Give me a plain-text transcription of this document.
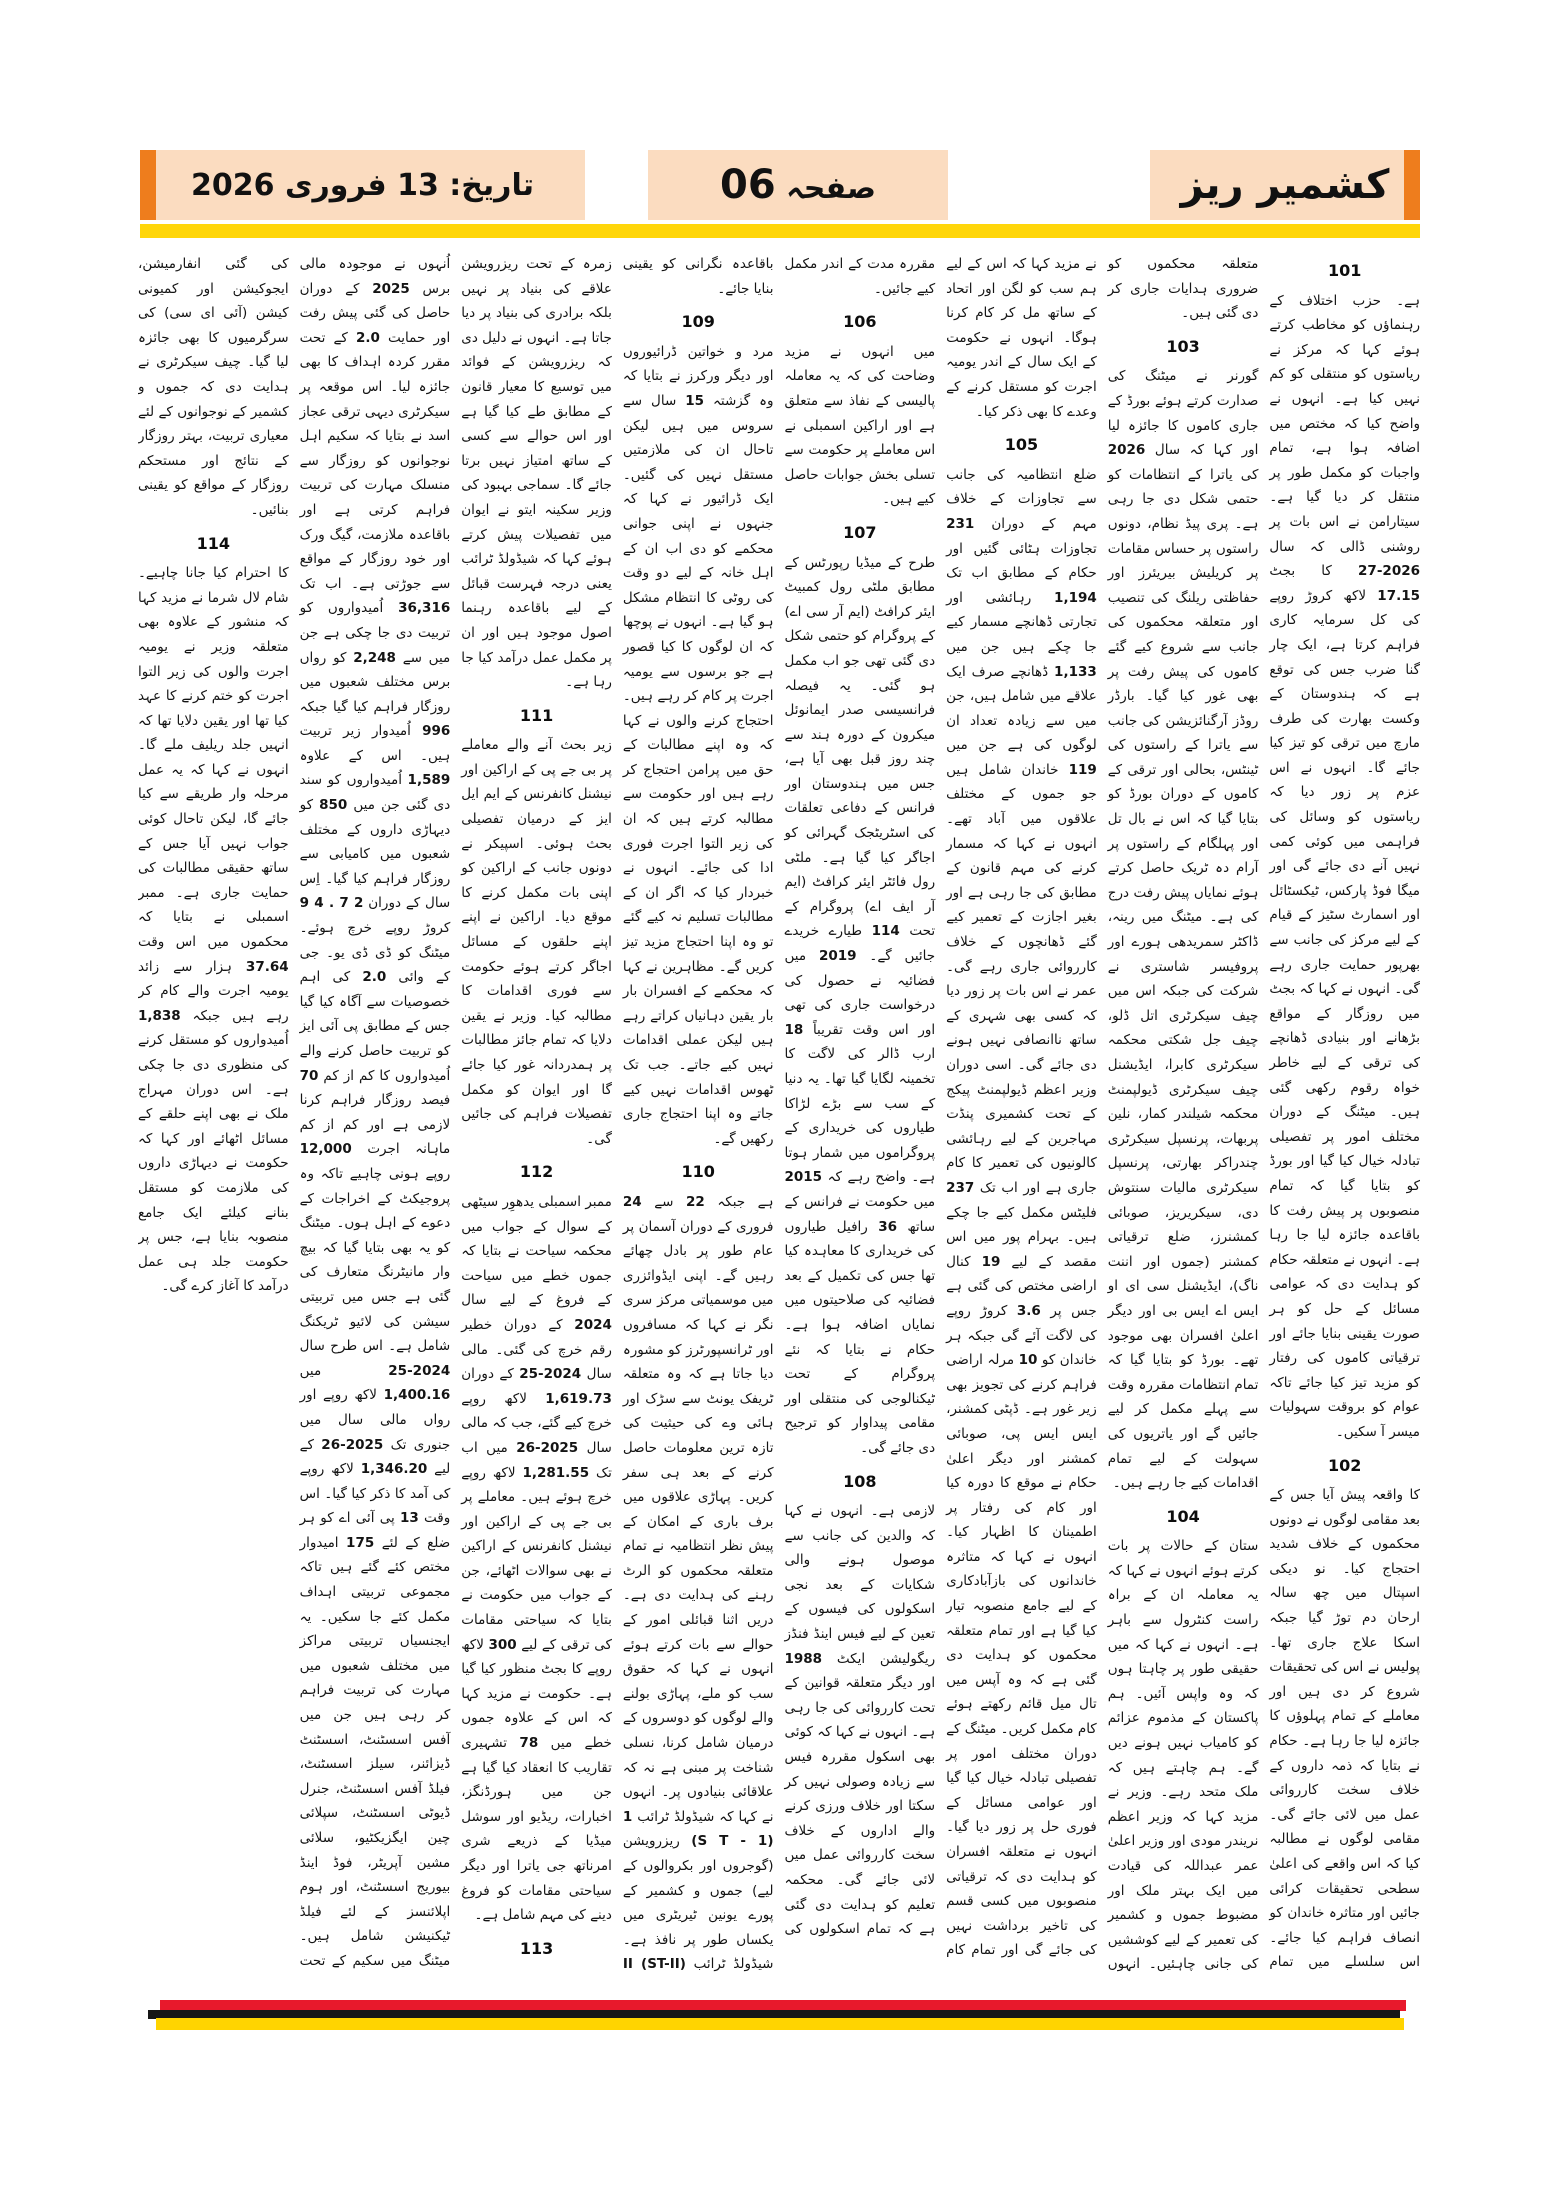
کشمیر ریز
صفحہ 06
تاریخ: 13 فروری 2026
101

ہے۔ حزب اختلاف کے رہنماؤں کو مخاطب کرتے ہوئے کہا کہ مرکز نے ریاستوں کو منتقلی کو کم نہیں کیا ہے۔ انہوں نے واضح کیا کہ مختص میں اضافہ ہوا ہے، تمام واجبات کو مکمل طور پر منتقل کر دیا گیا ہے۔ سیتارامن نے اس بات پر روشنی ڈالی کہ سال 2026-27 کا بجٹ 17.15 لاکھ کروڑ روپے کی کل سرمایہ کاری فراہم کرتا ہے، ایک چار گنا ضرب جس کی توقع ہے کہ ہندوستان کے وکست بھارت کی طرف مارچ میں ترقی کو تیز کیا جائے گا۔ انہوں نے اس عزم پر زور دیا کہ ریاستوں کو وسائل کی فراہمی میں کوئی کمی نہیں آنے دی جائے گی اور میگا فوڈ پارکس، ٹیکسٹائل اور اسمارٹ سٹیز کے قیام کے لیے مرکز کی جانب سے بھرپور حمایت جاری رہے گی۔ انہوں نے کہا کہ بجٹ میں روزگار کے مواقع بڑھانے اور بنیادی ڈھانچے کی ترقی کے لیے خاطر خواہ رقوم رکھی گئی ہیں۔ میٹنگ کے دوران مختلف امور پر تفصیلی تبادلہ خیال کیا گیا اور بورڈ کو بتایا گیا کہ تمام منصوبوں پر پیش رفت کا باقاعدہ جائزہ لیا جا رہا ہے۔ انہوں نے متعلقہ حکام کو ہدایت دی کہ عوامی مسائل کے حل کو ہر صورت یقینی بنایا جائے اور ترقیاتی کاموں کی رفتار کو مزید تیز کیا جائے تاکہ عوام کو بروقت سہولیات میسر آ سکیں۔

102

کا واقعہ پیش آیا جس کے بعد مقامی لوگوں نے دونوں محکموں کے خلاف شدید احتجاج کیا۔ نو دیکی اسپتال میں چھ سالہ ارحان دم توڑ گیا جبکہ اسکا علاج جاری تھا۔ پولیس نے اس کی تحقیقات شروع کر دی ہیں اور معاملے کے تمام پہلوؤں کا جائزہ لیا جا رہا ہے۔ حکام نے بتایا کہ ذمہ داروں کے خلاف سخت کارروائی عمل میں لائی جائے گی۔ مقامی لوگوں نے مطالبہ کیا کہ اس واقعے کی اعلیٰ سطحی تحقیقات کرائی جائیں اور متاثرہ خاندان کو انصاف فراہم کیا جائے۔ اس سلسلے میں تمام متعلقہ محکموں کو ضروری ہدایات جاری کر دی گئی ہیں۔

103

گورنر نے میٹنگ کی صدارت کرتے ہوئے بورڈ کے جاری کاموں کا جائزہ لیا اور کہا کہ سال 2026 کی یاترا کے انتظامات کو حتمی شکل دی جا رہی ہے۔ پری پیڈ نظام، دونوں راستوں پر حساس مقامات پر کریلیش بیریئرز اور حفاظتی ریلنگ کی تنصیب اور متعلقہ محکموں کی جانب سے شروع کیے گئے کاموں کی پیش رفت پر بھی غور کیا گیا۔ بارڈر روڈز آرگنائزیشن کی جانب سے یاترا کے راستوں کی ٹینٹس، بحالی اور ترقی کے کاموں کے دوران بورڈ کو بتایا گیا کہ اس نے بال تل اور پہلگام کے راستوں پر آرام دہ ٹریک حاصل کرتے ہوئے نمایاں پیش رفت درج کی ہے۔ میٹنگ میں رینہ، ڈاکٹر سمریدھی ہورے اور پروفیسر شاستری نے شرکت کی جبکہ اس میں چیف سیکرٹری اتل ڈلو، چیف جل شکتی محکمہ سیکرٹری کابرا، ایڈیشنل چیف سیکرٹری ڈیولپمنٹ محکمہ شیلندر کمار، نلین پربھات، پرنسپل سیکرٹری چندراکر بھارتی، پرنسپل سیکرٹری مالیات سنتوش دی، سیکریریز، صوبائی کمشنرز، ضلع ترقیاتی کمشنر (جموں اور اننت ناگ)، ایڈیشنل سی ای او ایس اے ایس بی اور دیگر اعلیٰ افسران بھی موجود تھے۔ بورڈ کو بتایا گیا کہ تمام انتظامات مقررہ وقت سے پہلے مکمل کر لیے جائیں گے اور یاتریوں کی سہولت کے لیے تمام اقدامات کیے جا رہے ہیں۔

104

ستان کے حالات پر بات کرتے ہوئے انہوں نے کہا کہ یہ معاملہ ان کے براہ راست کنٹرول سے باہر ہے۔ انہوں نے کہا کہ میں حقیقی طور پر چاہتا ہوں کہ وہ واپس آئیں۔ ہم پاکستان کے مذموم عزائم کو کامیاب نہیں ہونے دیں گے۔ ہم چاہتے ہیں کہ ملک متحد رہے۔ وزیر نے مزید کہا کہ وزیر اعظم نریندر مودی اور وزیر اعلیٰ عمر عبداللہ کی قیادت میں ایک بہتر ملک اور مضبوط جموں و کشمیر کی تعمیر کے لیے کوششیں کی جانی چاہئیں۔ انہوں نے مزید کہا کہ اس کے لیے ہم سب کو لگن اور اتحاد کے ساتھ مل کر کام کرنا ہوگا۔ انہوں نے حکومت کے ایک سال کے اندر یومیہ اجرت کو مستقل کرنے کے وعدے کا بھی ذکر کیا۔

105

ضلع انتظامیہ کی جانب سے تجاوزات کے خلاف مہم کے دوران 231 تجاوزات ہٹائی گئیں اور حکام کے مطابق اب تک 1,194 رہائشی اور تجارتی ڈھانچے مسمار کیے جا چکے ہیں جن میں 1,133 ڈھانچے صرف ایک علاقے میں شامل ہیں، جن میں سے زیادہ تعداد ان لوگوں کی ہے جن میں 119 خاندان شامل ہیں جو جموں کے مختلف علاقوں میں آباد تھے۔ انہوں نے کہا کہ مسمار کرنے کی مہم قانون کے مطابق کی جا رہی ہے اور بغیر اجازت کے تعمیر کیے گئے ڈھانچوں کے خلاف کارروائی جاری رہے گی۔ عمر نے اس بات پر زور دیا کہ کسی بھی شہری کے ساتھ ناانصافی نہیں ہونے دی جائے گی۔ اسی دوران وزیر اعظم ڈیولپمنٹ پیکج کے تحت کشمیری پنڈت مہاجرین کے لیے رہائشی کالونیوں کی تعمیر کا کام جاری ہے اور اب تک 237 فلیٹس مکمل کیے جا چکے ہیں۔ بہرام پور میں اس مقصد کے لیے 19 کنال اراضی مختص کی گئی ہے جس پر 3.6 کروڑ روپے کی لاگت آئے گی جبکہ ہر خاندان کو 10 مرلہ اراضی فراہم کرنے کی تجویز بھی زیر غور ہے۔ ڈپٹی کمشنر، ایس ایس پی، صوبائی کمشنر اور دیگر اعلیٰ حکام نے موقع کا دورہ کیا اور کام کی رفتار پر اطمینان کا اظہار کیا۔ انہوں نے کہا کہ متاثرہ خاندانوں کی بازآبادکاری کے لیے جامع منصوبہ تیار کیا گیا ہے اور تمام متعلقہ محکموں کو ہدایت دی گئی ہے کہ وہ آپس میں تال میل قائم رکھتے ہوئے کام مکمل کریں۔ میٹنگ کے دوران مختلف امور پر تفصیلی تبادلہ خیال کیا گیا اور عوامی مسائل کے فوری حل پر زور دیا گیا۔ انہوں نے متعلقہ افسران کو ہدایت دی کہ ترقیاتی منصوبوں میں کسی قسم کی تاخیر برداشت نہیں کی جائے گی اور تمام کام مقررہ مدت کے اندر مکمل کیے جائیں۔

106

میں انہوں نے مزید وضاحت کی کہ یہ معاملہ پالیسی کے نفاذ سے متعلق ہے اور اراکین اسمبلی نے اس معاملے پر حکومت سے تسلی بخش جوابات حاصل کیے ہیں۔

107

طرح کے میڈیا رپورٹس کے مطابق ملٹی رول کمبیٹ ایئر کرافٹ (ایم آر سی اے) کے پروگرام کو حتمی شکل دی گئی تھی جو اب مکمل ہو گئی۔ یہ فیصلہ فرانسیسی صدر ایمانوئل میکرون کے دورہ ہند سے چند روز قبل بھی آیا ہے، جس میں ہندوستان اور فرانس کے دفاعی تعلقات کی اسٹریٹجک گہرائی کو اجاگر کیا گیا ہے۔ ملٹی رول فائٹر ایئر کرافٹ (ایم آر ایف اے) پروگرام کے تحت 114 طیارے خریدے جائیں گے۔ 2019 میں فضائیہ نے حصول کی درخواست جاری کی تھی اور اس وقت تقریباً 18 ارب ڈالر کی لاگت کا تخمینہ لگایا گیا تھا۔ یہ دنیا کے سب سے بڑے لڑاکا طیاروں کی خریداری کے پروگراموں میں شمار ہوتا ہے۔ واضح رہے کہ 2015 میں حکومت نے فرانس کے ساتھ 36 رافیل طیاروں کی خریداری کا معاہدہ کیا تھا جس کی تکمیل کے بعد فضائیہ کی صلاحیتوں میں نمایاں اضافہ ہوا ہے۔ حکام نے بتایا کہ نئے پروگرام کے تحت ٹیکنالوجی کی منتقلی اور مقامی پیداوار کو ترجیح دی جائے گی۔

108

لازمی ہے۔ انہوں نے کہا کہ والدین کی جانب سے موصول ہونے والی شکایات کے بعد نجی اسکولوں کی فیسوں کے تعین کے لیے فیس اینڈ فنڈز ریگولیشن ایکٹ 1988 اور دیگر متعلقہ قوانین کے تحت کارروائی کی جا رہی ہے۔ انہوں نے کہا کہ کوئی بھی اسکول مقررہ فیس سے زیادہ وصولی نہیں کر سکتا اور خلاف ورزی کرنے والے اداروں کے خلاف سخت کارروائی عمل میں لائی جائے گی۔ محکمہ تعلیم کو ہدایت دی گئی ہے کہ تمام اسکولوں کی باقاعدہ نگرانی کو یقینی بنایا جائے۔

109

مرد و خواتین ڈرائیوروں اور دیگر ورکرز نے بتایا کہ وہ گزشتہ 15 سال سے سروس میں ہیں لیکن تاحال ان کی ملازمتیں مستقل نہیں کی گئیں۔ ایک ڈرائیور نے کہا کہ جنہوں نے اپنی جوانی محکمے کو دی اب ان کے اہل خانہ کے لیے دو وقت کی روٹی کا انتظام مشکل ہو گیا ہے۔ انہوں نے پوچھا کہ ان لوگوں کا کیا قصور ہے جو برسوں سے یومیہ اجرت پر کام کر رہے ہیں۔ احتجاج کرنے والوں نے کہا کہ وہ اپنے مطالبات کے حق میں پرامن احتجاج کر رہے ہیں اور حکومت سے مطالبہ کرتے ہیں کہ ان کی زیر التوا اجرت فوری ادا کی جائے۔ انہوں نے خبردار کیا کہ اگر ان کے مطالبات تسلیم نہ کیے گئے تو وہ اپنا احتجاج مزید تیز کریں گے۔ مظاہرین نے کہا کہ محکمے کے افسران بار بار یقین دہانیاں کراتے رہے ہیں لیکن عملی اقدامات نہیں کیے جاتے۔ جب تک ٹھوس اقدامات نہیں کیے جاتے وہ اپنا احتجاج جاری رکھیں گے۔

110

ہے جبکہ 22 سے 24 فروری کے دوران آسمان پر عام طور پر بادل چھائے رہیں گے۔ اپنی ایڈوائزری میں موسمیاتی مرکز سری نگر نے کہا کہ مسافروں اور ٹرانسپورٹرز کو مشورہ دیا جاتا ہے کہ وہ متعلقہ ٹریفک یونٹ سے سڑک اور ہائی وے کی حیثیت کی تازہ ترین معلومات حاصل کرنے کے بعد ہی سفر کریں۔ پہاڑی علاقوں میں برف باری کے امکان کے پیش نظر انتظامیہ نے تمام متعلقہ محکموں کو الرٹ رہنے کی ہدایت دی ہے۔ دریں اثنا قبائلی امور کے حوالے سے بات کرتے ہوئے انہوں نے کہا کہ حقوق سب کو ملے، پہاڑی بولنے والے لوگوں کو دوسروں کے درمیان شامل کرنا، نسلی شناخت پر مبنی ہے نہ کہ علاقائی بنیادوں پر۔ انہوں نے کہا کہ شیڈولڈ ٹرائب 1 (S T - 1) ریزرویشن (گوجروں اور بکروالوں کے لیے) جموں و کشمیر کے پورے یونین ٹیریٹری میں یکساں طور پر نافذ ہے۔ شیڈولڈ ٹرائب (ST-II) II زمرہ کے تحت ریزرویشن علاقے کی بنیاد پر نہیں بلکہ برادری کی بنیاد پر دیا جاتا ہے۔ انہوں نے دلیل دی کہ ریزرویشن کے فوائد میں توسیع کا معیار قانون کے مطابق طے کیا گیا ہے اور اس حوالے سے کسی کے ساتھ امتیاز نہیں برتا جائے گا۔ سماجی بہبود کی وزیر سکینہ ایتو نے ایوان میں تفصیلات پیش کرتے ہوئے کہا کہ شیڈولڈ ٹرائب یعنی درجہ فہرست قبائل کے لیے باقاعدہ رہنما اصول موجود ہیں اور ان پر مکمل عمل درآمد کیا جا رہا ہے۔

111

زیر بحث آنے والے معاملے پر بی جے پی کے اراکین اور نیشنل کانفرنس کے ایم ایل ایز کے درمیان تفصیلی بحث ہوئی۔ اسپیکر نے دونوں جانب کے اراکین کو اپنی بات مکمل کرنے کا موقع دیا۔ اراکین نے اپنے اپنے حلقوں کے مسائل اجاگر کرتے ہوئے حکومت سے فوری اقدامات کا مطالبہ کیا۔ وزیر نے یقین دلایا کہ تمام جائز مطالبات پر ہمدردانہ غور کیا جائے گا اور ایوان کو مکمل تفصیلات فراہم کی جائیں گی۔

112

ممبر اسمبلی یدھوِر سیٹھی کے سوال کے جواب میں محکمہ سیاحت نے بتایا کہ جموں خطے میں سیاحت کے فروغ کے لیے سال 2024 کے دوران خطیر رقم خرچ کی گئی۔ مالی سال 2024-25 کے دوران 1,619.73 لاکھ روپے خرچ کیے گئے، جب کہ مالی سال 2025-26 میں اب تک 1,281.55 لاکھ روپے خرچ ہوئے ہیں۔ معاملے پر بی جے پی کے اراکین اور نیشنل کانفرنس کے اراکین نے بھی سوالات اٹھائے، جن کے جواب میں حکومت نے بتایا کہ سیاحتی مقامات کی ترقی کے لیے 300 لاکھ روپے کا بجٹ منظور کیا گیا ہے۔ حکومت نے مزید کہا کہ اس کے علاوہ جموں خطے میں 78 تشہیری تقاریب کا انعقاد کیا گیا ہے جن میں ہورڈنگز، اخبارات، ریڈیو اور سوشل میڈیا کے ذریعے شری امرناتھ جی یاترا اور دیگر سیاحتی مقامات کو فروغ دینے کی مہم شامل ہے۔

113

اُنہوں نے موجودہ مالی برس 2025 کے دوران حاصل کی گئی پیش رفت اور حمایت 2.0 کے تحت مقرر کردہ اہداف کا بھی جائزہ لیا۔ اس موقعہ پر سیکرٹری دیہی ترقی عجاز اسد نے بتایا کہ سکیم اہل نوجوانوں کو روزگار سے منسلک مہارت کی تربیت فراہم کرتی ہے اور باقاعدہ ملازمت، گیگ ورک اور خود روزگار کے مواقع سے جوڑتی ہے۔ اب تک 36,316 اُمیدواروں کو تربیت دی جا چکی ہے جن میں سے 2,248 کو رواں برس مختلف شعبوں میں روزگار فراہم کیا گیا جبکہ 996 اُمیدوار زیر تربیت ہیں۔ اس کے علاوہ 1,589 اُمیدواروں کو سند دی گئی جن میں 850 کو دیہاڑی داروں کے مختلف شعبوں میں کامیابی سے روزگار فراہم کیا گیا۔ اِس سال کے دوران 2 7 . 4 9 کروڑ روپے خرچ ہوئے۔ میٹنگ کو ڈی ڈی یو۔ جی کے وائی 2.0 کی اہم خصوصیات سے آگاہ کیا گیا جس کے مطابق پی آئی ایز کو تربیت حاصل کرنے والے اُمیدواروں کا کم از کم 70 فیصد روزگار فراہم کرنا لازمی ہے اور کم از کم ماہانہ اجرت 12,000 روپے ہونی چاہیے تاکہ وہ پروجیکٹ کے اخراجات کے دعوے کے اہل ہوں۔ میٹنگ کو یہ بھی بتایا گیا کہ بیچ وار مانیٹرنگ متعارف کی گئی ہے جس میں تربیتی سیشن کی لائیو ٹریکنگ شامل ہے۔ اس طرح سال 2024-25 میں 1,400.16 لاکھ روپے اور رواں مالی سال میں جنوری تک 2025-26 کے لیے 1,346.20 لاکھ روپے کی آمد کا ذکر کیا گیا۔ اس وقت 13 پی آئی اے کو ہر ضلع کے لئے 175 امیدوار مختص کئے گئے ہیں تاکہ مجموعی تربیتی اہداف مکمل کئے جا سکیں۔ یہ ایجنسیاں تربیتی مراکز میں مختلف شعبوں میں مہارت کی تربیت فراہم کر رہی ہیں جن میں آفس اسسٹنٹ، اسسٹنٹ ڈیزائنر، سیلز اسسٹنٹ، فیلڈ آفس اسسٹنٹ، جنرل ڈیوٹی اسسٹنٹ، سپلائی چین ایگزیکٹیو، سلائی مشین آپریٹر، فوڈ اینڈ بیوریج اسسٹنٹ، اور ہوم اپلائنسز کے لئے فیلڈ ٹیکنیشن شامل ہیں۔ میٹنگ میں سکیم کے تحت کی گئی انفارمیشن، ایجوکیشن اور کمیونی کیشن (آئی ای سی) کی سرگرمیوں کا بھی جائزہ لیا گیا۔ چیف سیکرٹری نے ہدایت دی کہ جموں و کشمیر کے نوجوانوں کے لئے معیاری تربیت، بہتر روزگار کے نتائج اور مستحکم روزگار کے مواقع کو یقینی بنائیں۔

114

کا احترام کیا جانا چاہیے۔ شام لال شرما نے مزید کہا کہ منشور کے علاوہ بھی متعلقہ وزیر نے یومیہ اجرت والوں کی زیر التوا اجرت کو ختم کرنے کا عہد کیا تھا اور یقین دلایا تھا کہ انہیں جلد ریلیف ملے گا۔ انہوں نے کہا کہ یہ عمل مرحلہ وار طریقے سے کیا جائے گا، لیکن تاحال کوئی جواب نہیں آیا جس کے ساتھ حقیقی مطالبات کی حمایت جاری ہے۔ ممبر اسمبلی نے بتایا کہ محکموں میں اس وقت 37.64 ہزار سے زائد یومیہ اجرت والے کام کر رہے ہیں جبکہ 1,838 اُمیدواروں کو مستقل کرنے کی منظوری دی جا چکی ہے۔ اس دوران مہراج ملک نے بھی اپنے حلقے کے مسائل اٹھائے اور کہا کہ حکومت نے دیہاڑی داروں کی ملازمت کو مستقل بنانے کیلئے ایک جامع منصوبہ بنایا ہے، جس پر حکومت جلد ہی عمل درآمد کا آغاز کرے گی۔
